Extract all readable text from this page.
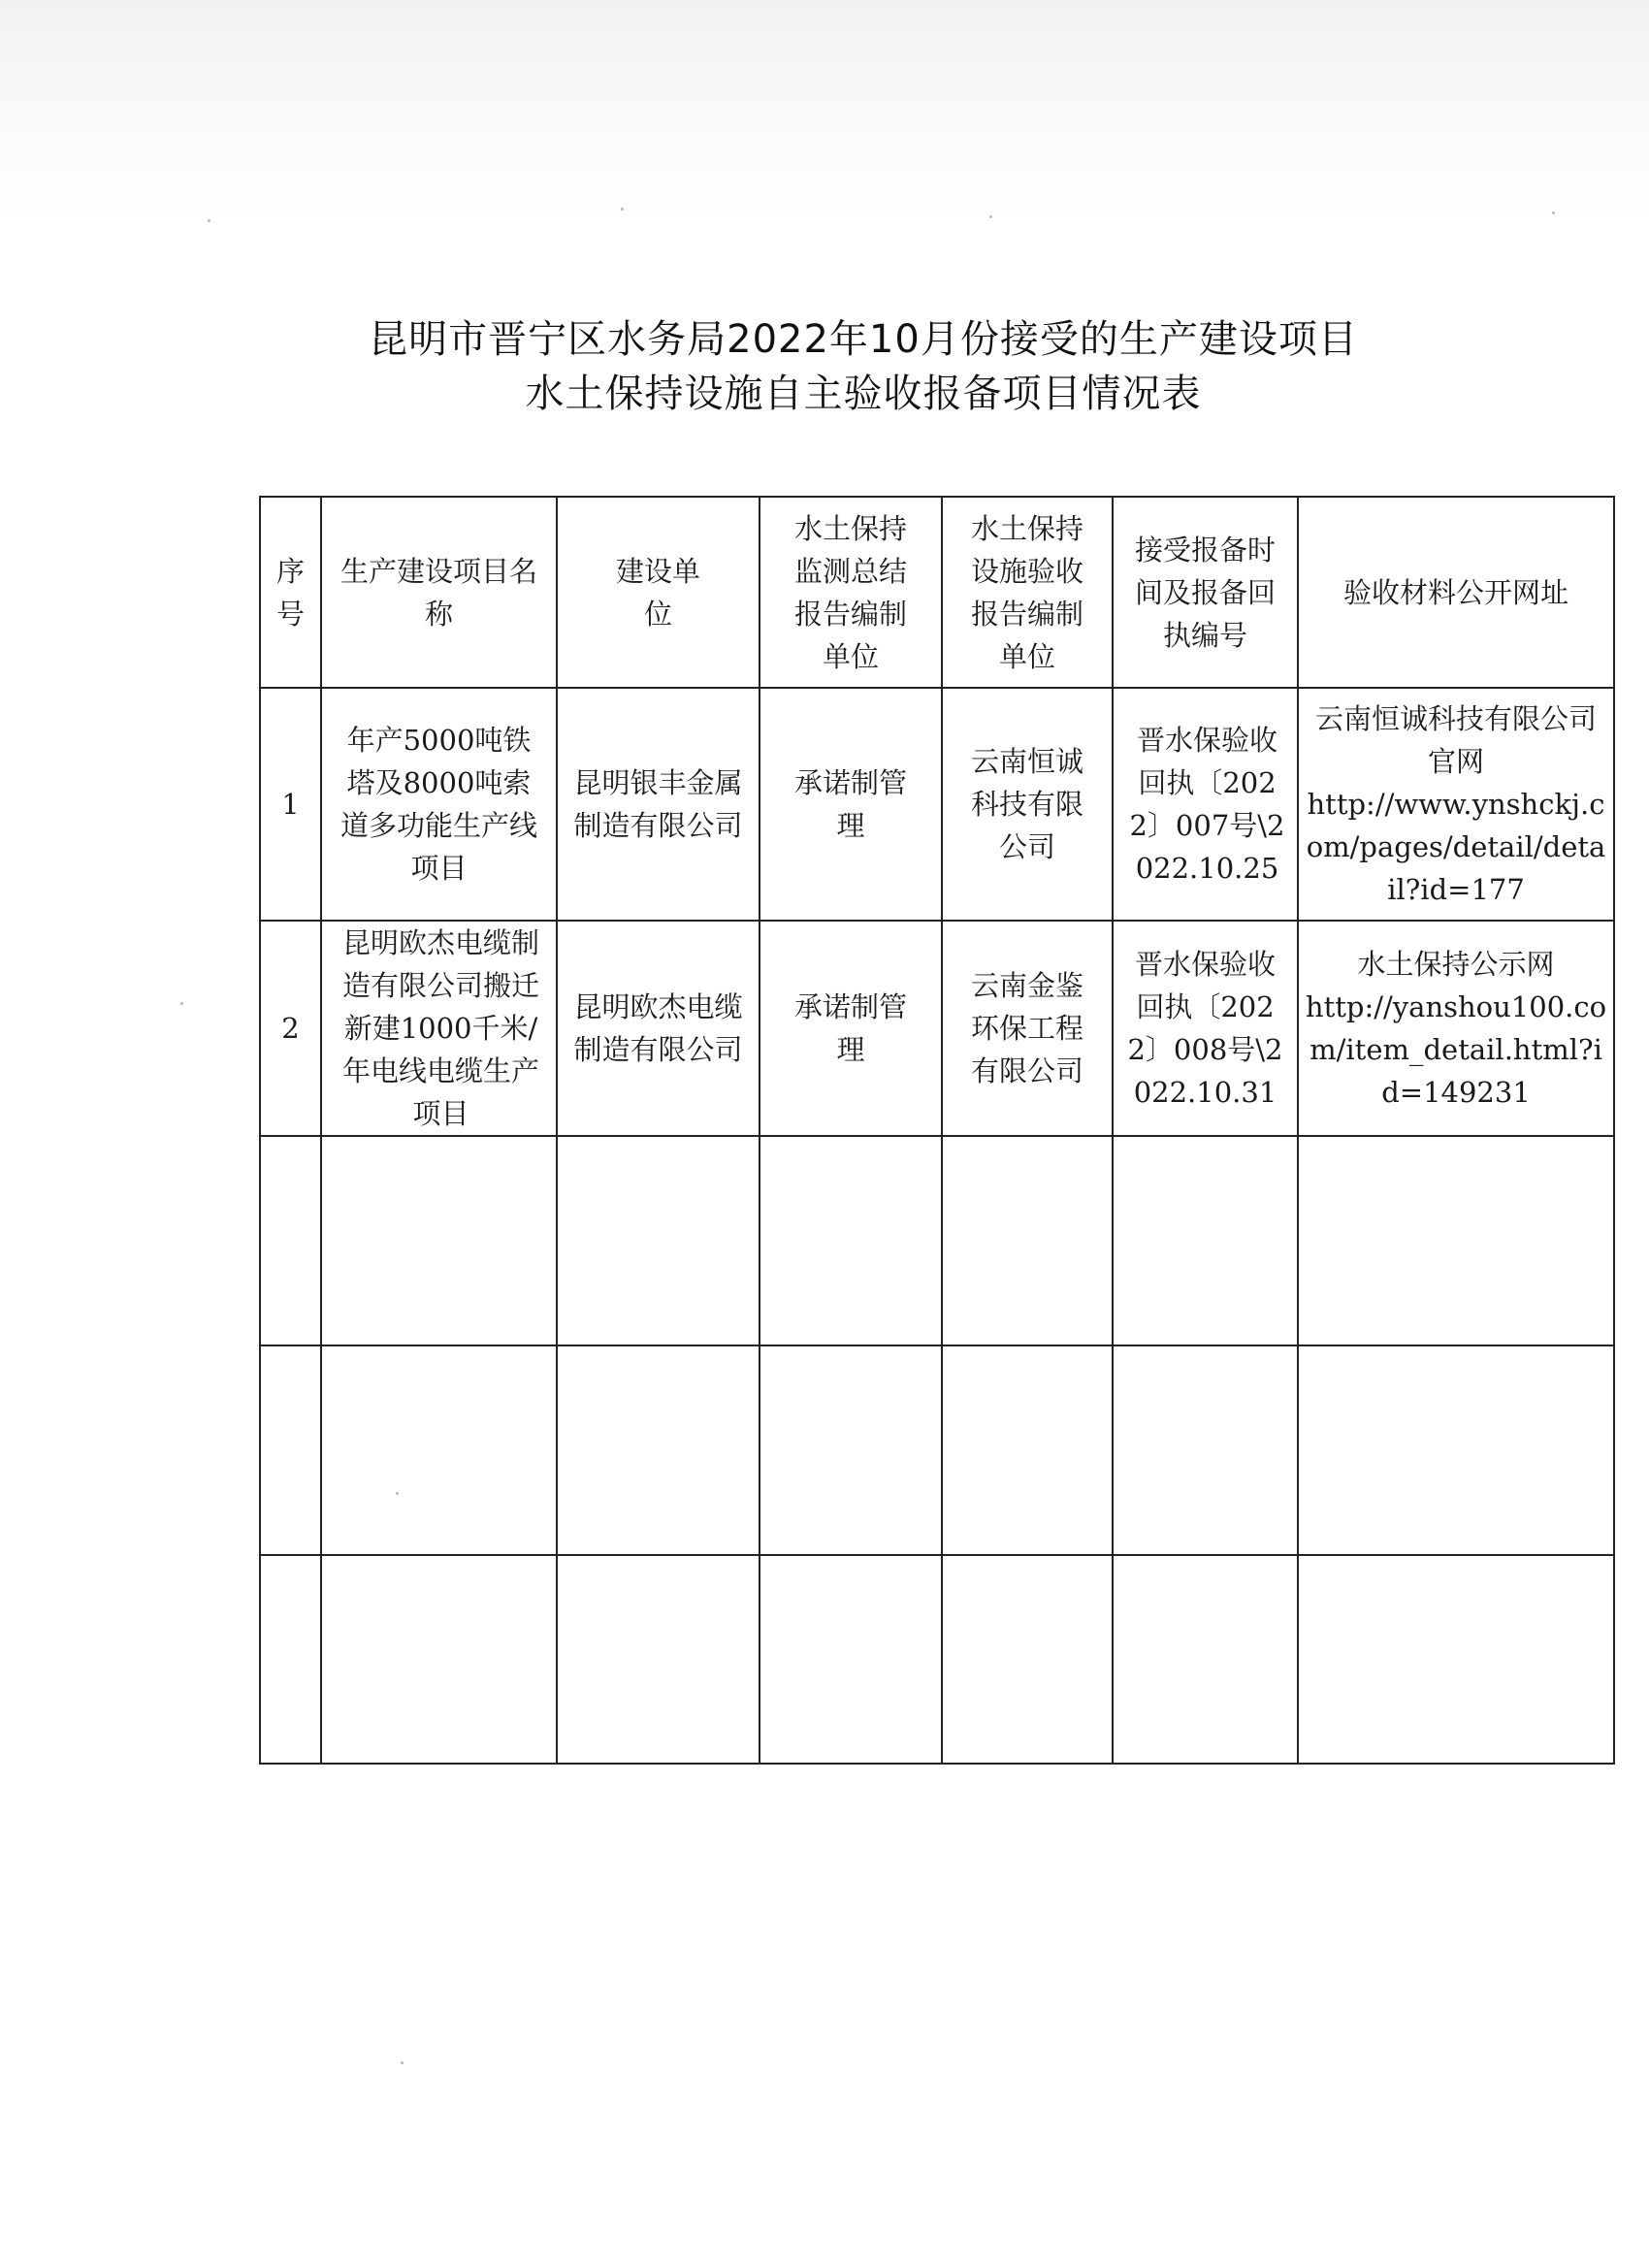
昆明市晋宁区水务局2022年10月份接受的生产建设项目
水土保持设施自主验收报备项目情况表
序号	生产建设项目名称	建设单位	水土保持监测总结报告编制单位	水土保持设施验收报告编制单位	接受报备时间及报备回执编号	验收材料公开网址

1	年产5000吨铁塔及8000吨索道多功能生产线项目	昆明银丰金属制造有限公司	承诺制管理	云南恒诚科技有限公司	晋水保验收回执〔2022〕007号\2022.10.25	云南恒诚科技有限公司官网
http://www.ynshckj.com/pages/detail/detail?id=177

2	昆明欧杰电缆制造有限公司搬迁新建1000千米/年电线电缆生产项目	昆明欧杰电缆制造有限公司	承诺制管理	云南金鉴环保工程有限公司	晋水保验收回执〔2022〕008号\2022.10.31	水土保持公示网
http://yanshou100.com/item_detail.html?id=149231
